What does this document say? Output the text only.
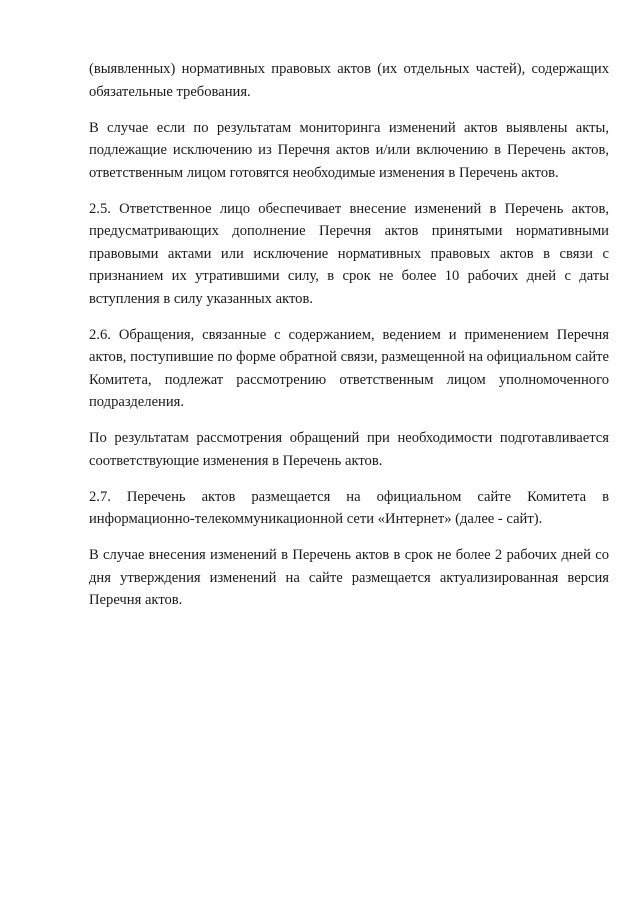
(выявленных) нормативных правовых актов (их отдельных частей), содержащих обязательные требования.

В случае если по результатам мониторинга изменений актов выявлены акты, подлежащие исключению из Перечня актов и/или включению в Перечень актов, ответственным лицом готовятся необходимые изменения в Перечень актов.

2.5. Ответственное лицо обеспечивает внесение изменений в Перечень актов, предусматривающих дополнение Перечня актов принятыми нормативными правовыми актами или исключение нормативных правовых актов в связи с признанием их утратившими силу, в срок не более 10 рабочих дней с даты вступления в силу указанных актов.

2.6. Обращения, связанные с содержанием, ведением и применением Перечня актов, поступившие по форме обратной связи, размещенной на официальном сайте Комитета, подлежат рассмотрению ответственным лицом уполномоченного подразделения.

По результатам рассмотрения обращений при необходимости подготавливается соответствующие изменения в Перечень актов.

2.7. Перечень актов размещается на официальном сайте Комитета в информационно-телекоммуникационной сети «Интернет» (далее - сайт).

В случае внесения изменений в Перечень актов в срок не более 2 рабочих дней со дня утверждения изменений на сайте размещается актуализированная версия Перечня актов.
